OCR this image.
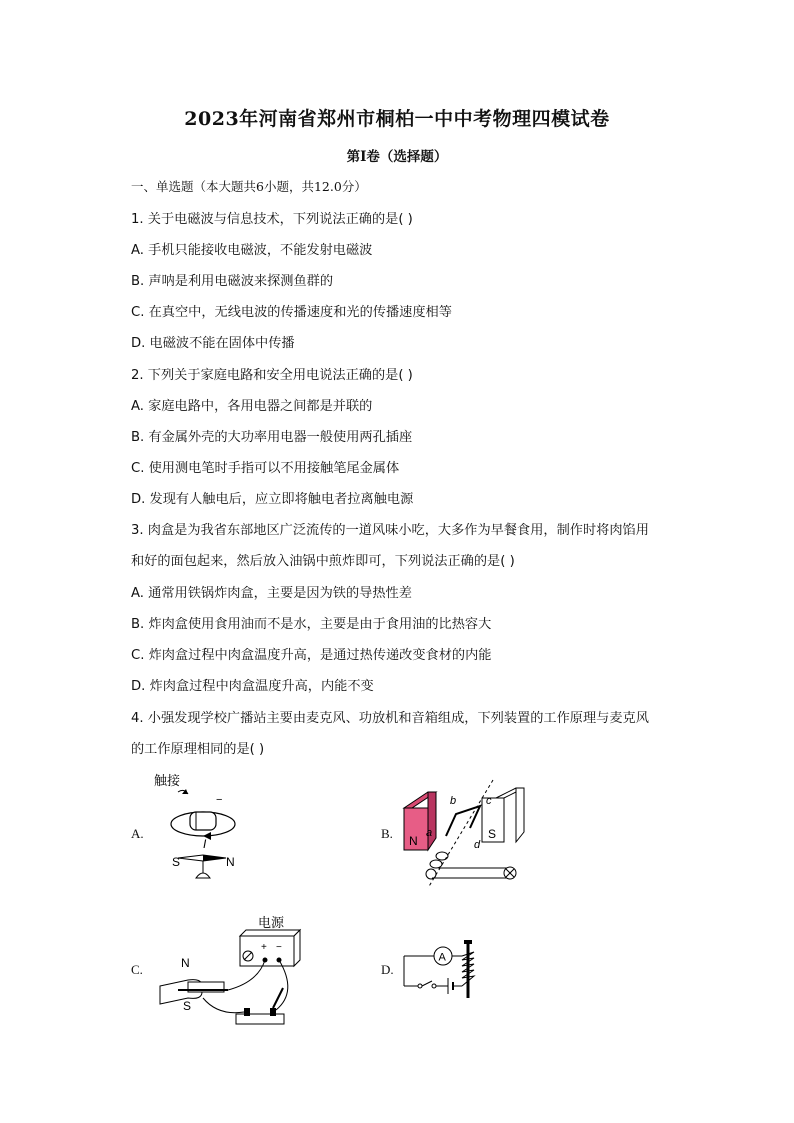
2023年河南省郑州市桐柏一中中考物理四模试卷
第I卷（选择题）
一、单选题（本大题共6小题，共12.0分）
1. 关于电磁波与信息技术，下列说法正确的是( )
A. 手机只能接收电磁波，不能发射电磁波
B. 声呐是利用电磁波来探测鱼群的
C. 在真空中，无线电波的传播速度和光的传播速度相等
D. 电磁波不能在固体中传播
2. 下列关于家庭电路和安全用电说法正确的是( )
A. 家庭电路中，各用电器之间都是并联的
B. 有金属外壳的大功率用电器一般使用两孔插座
C. 使用测电笔时手指可以不用接触笔尾金属体
D. 发现有人触电后，应立即将触电者拉离触电源
3. 肉盒是为我省东部地区广泛流传的一道风味小吃，大多作为早餐食用，制作时将肉馅用
和好的面包起来，然后放入油锅中煎炸即可，下列说法正确的是( )
A. 通常用铁锅炸肉盒，主要是因为铁的导热性差
B. 炸肉盒使用食用油而不是水，主要是由于食用油的比热容大
C. 炸肉盒过程中肉盒温度升高，是通过热传递改变食材的内能
D. 炸肉盒过程中肉盒温度升高，内能不变
4. 小强发现学校广播站主要由麦克风、功放机和音箱组成，下列装置的工作原理与麦克风
的工作原理相同的是( )
A.
触接
−
I
S	N
B. N	S
a
b	c
d
C.
电源
+ −
N
S
D.
A
